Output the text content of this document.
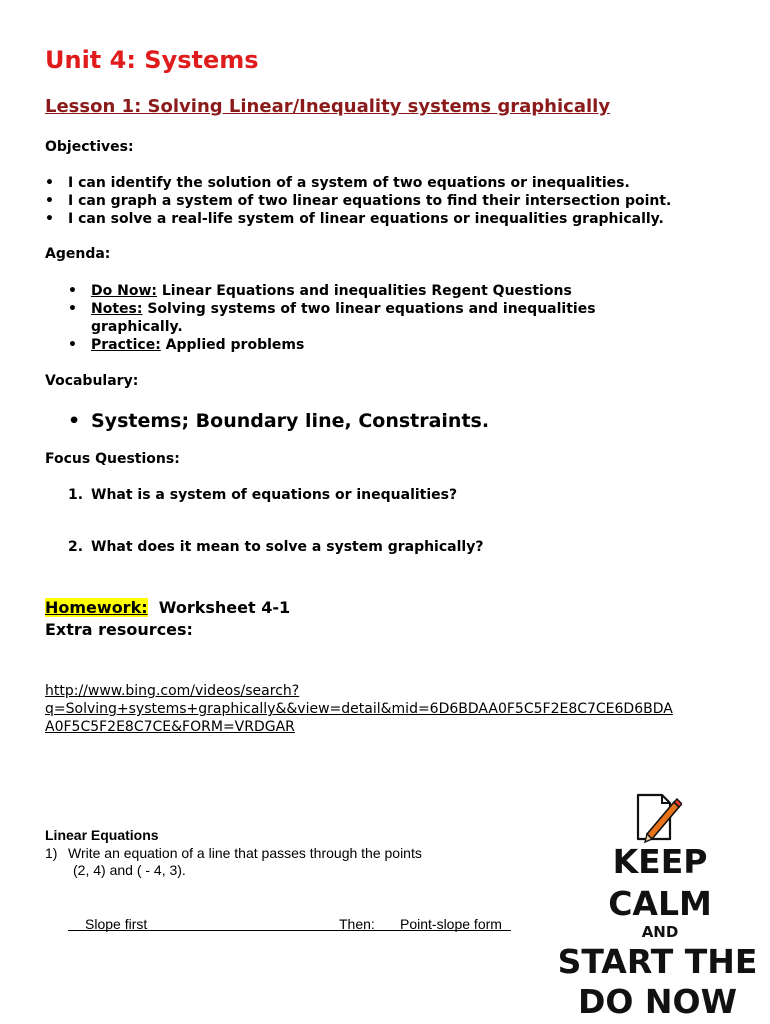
Unit 4: Systems
Lesson 1: Solving Linear/Inequality systems graphically
Objectives:
• I can identify the solution of a system of two equations or inequalities.
• I can graph a system of two linear equations to find their intersection point.
• I can solve a real-life system of linear equations or inequalities graphically.
Agenda:
• Do Now: Linear Equations and inequalities Regent Questions
• Notes: Solving systems of two linear equations and inequalities
graphically.
• Practice: Applied problems
Vocabulary:
• Systems; Boundary line, Constraints.
Focus Questions:
1. What is a system of equations or inequalities?
2. What does it mean to solve a system graphically?
Homework:  Worksheet 4-1
Extra resources:
http://www.bing.com/videos/search?
q=Solving+systems+graphically&&view=detail&mid=6D6BDAA0F5C5F2E8C7CE6D6BDA
A0F5C5F2E8C7CE&FORM=VRDGAR
Linear Equations
1) Write an equation of a line that passes through the points
(2, 4) and ( - 4, 3).
Slope first	Then: Point-slope form
KEEP
CALM
AND
START THE
DO NOW
